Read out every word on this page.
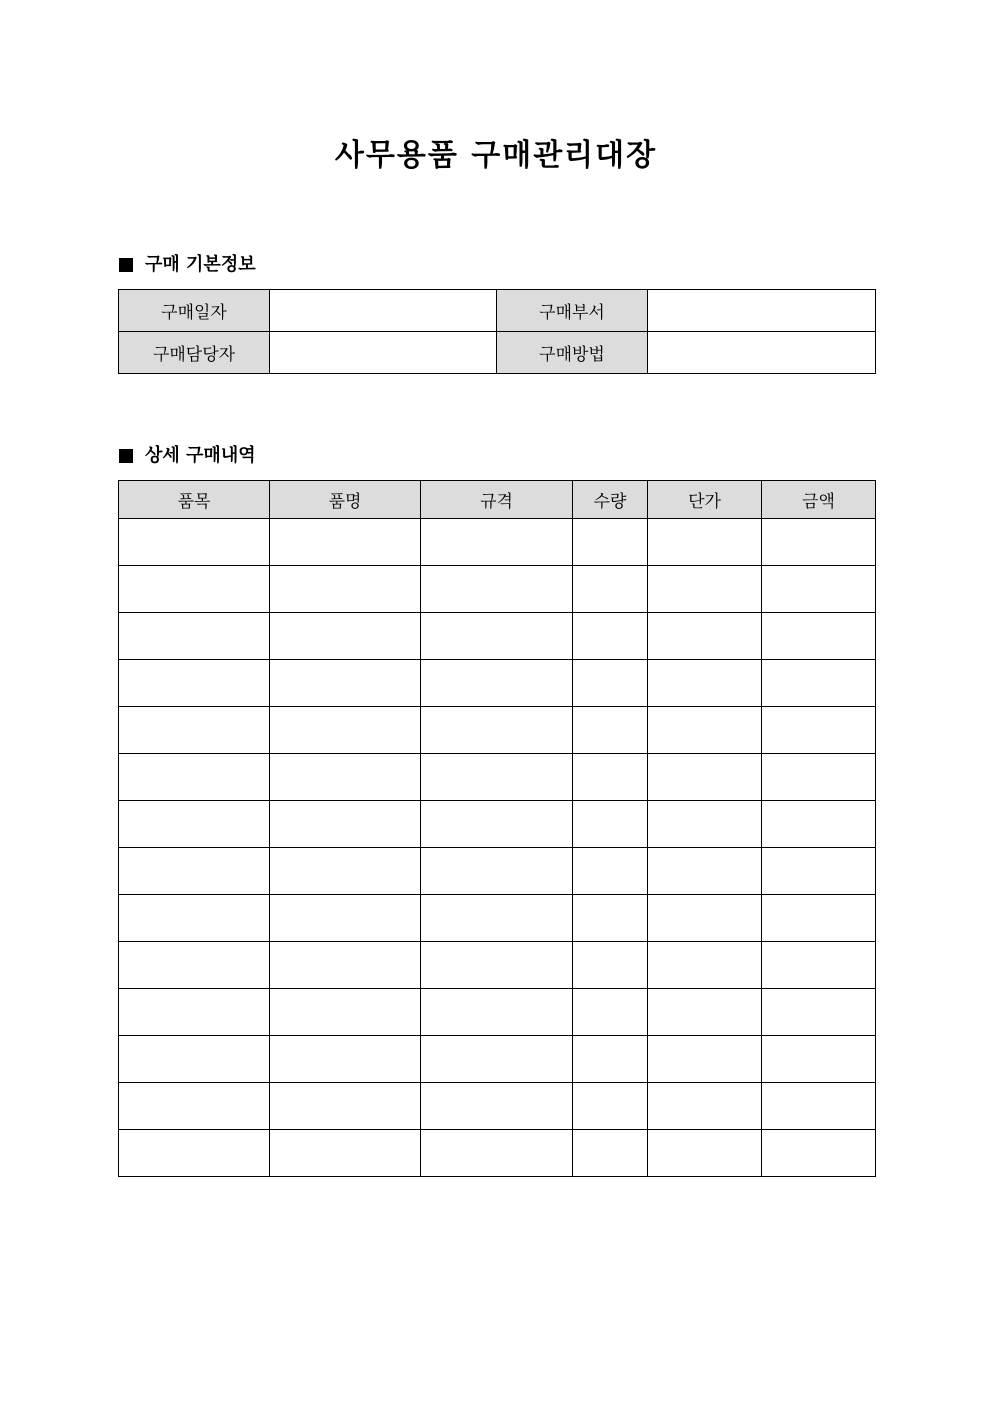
사무용품 구매관리대장
구매 기본정보
구매일자		구매부서	
구매담당자		구매방법	
상세 구매내역
품목	품명	규격	수량	단가	금액
